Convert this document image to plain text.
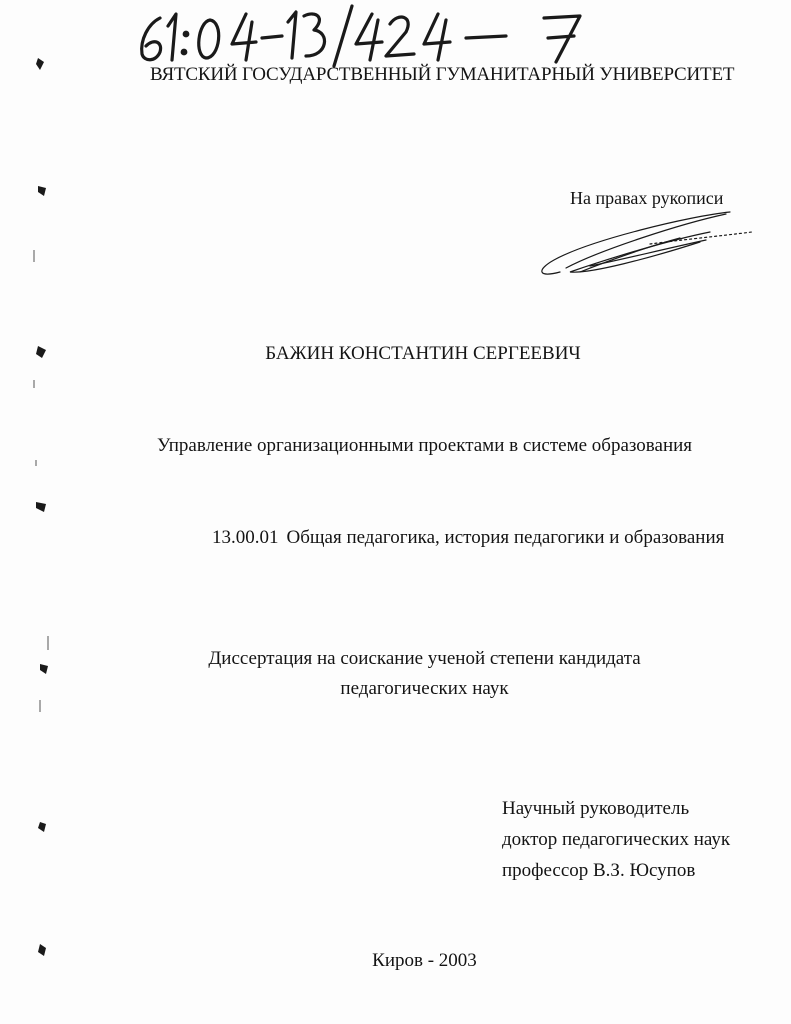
ВЯТСКИЙ ГОСУДАРСТВЕННЫЙ ГУМАНИТАРНЫЙ УНИВЕРСИТЕТ
На правах рукописи
БАЖИН КОНСТАНТИН СЕРГЕЕВИЧ
Управление организационными проектами в системе образования
13.00.01 Общая педагогика, история педагогики и образования
Диссертация на соискание ученой степени кандидата
педагогических наук
Научный руководитель
доктор педагогических наук
профессор В.З. Юсупов
Киров - 2003
